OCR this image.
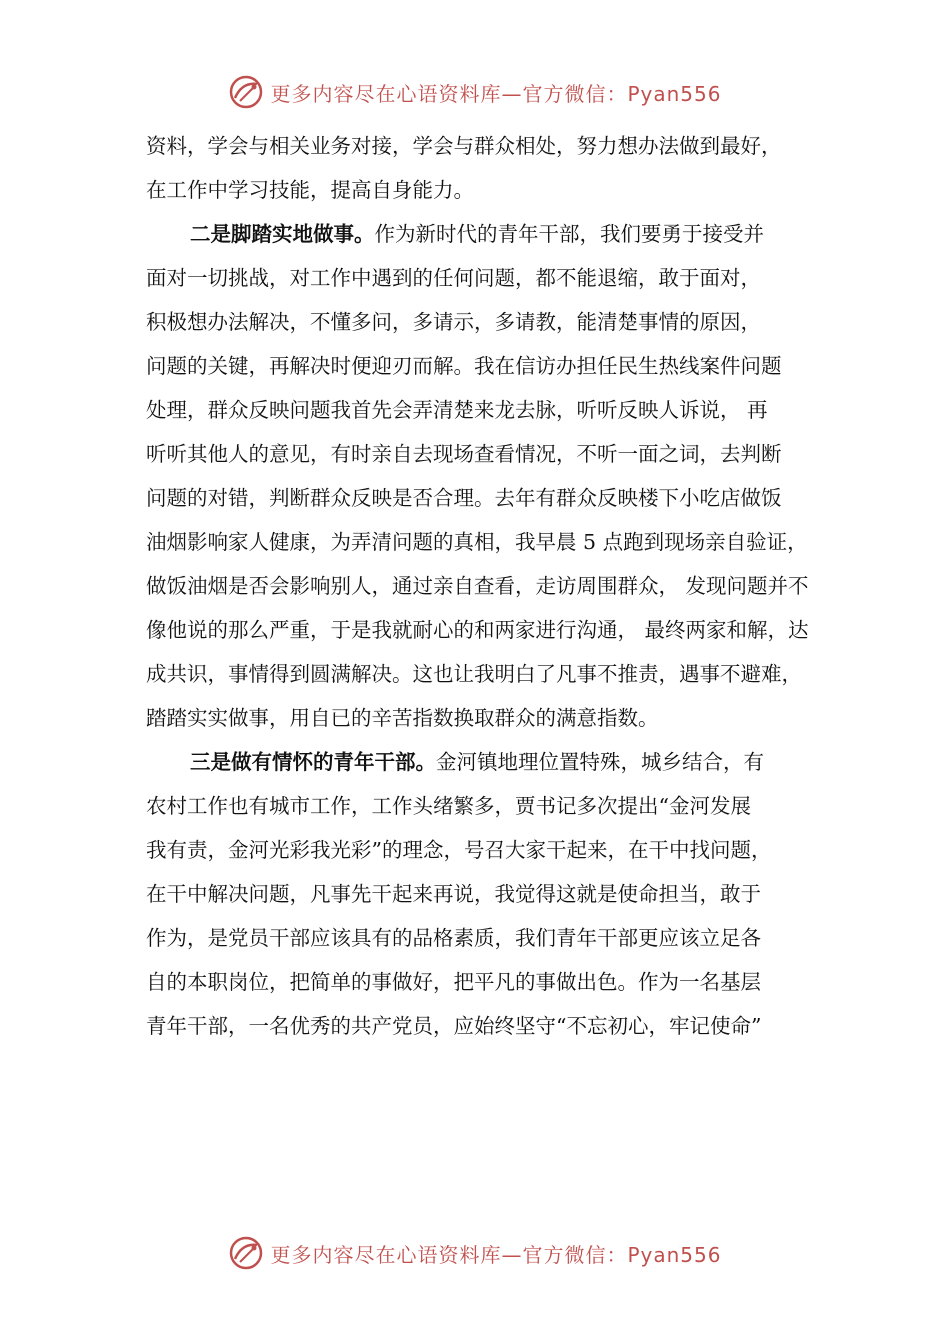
更多内容尽在心语资料库—官方微信：Pyan556
资料，学会与相关业务对接，学会与群众相处，努力想办法做到最好，
在工作中学习技能，提高自身能力。
二是脚踏实地做事。作为新时代的青年干部，我们要勇于接受并
面对一切挑战，对工作中遇到的任何问题，都不能退缩，敢于面对，
积极想办法解决，不懂多问，多请示，多请教，能清楚事情的原因，
问题的关键，再解决时便迎刃而解。我在信访办担任民生热线案件问题
处理，群众反映问题我首先会弄清楚来龙去脉，听听反映人诉说， 再
听听其他人的意见，有时亲自去现场查看情况，不听一面之词，去判断
问题的对错，判断群众反映是否合理。去年有群众反映楼下小吃店做饭
油烟影响家人健康，为弄清问题的真相，我早晨 5 点跑到现场亲自验证，
做饭油烟是否会影响别人，通过亲自查看，走访周围群众， 发现问题并不
像他说的那么严重，于是我就耐心的和两家进行沟通， 最终两家和解，达
成共识，事情得到圆满解决。这也让我明白了凡事不推责，遇事不避难，
踏踏实实做事，用自已的辛苦指数换取群众的满意指数。
三是做有情怀的青年干部。金河镇地理位置特殊，城乡结合，有
农村工作也有城市工作，工作头绪繁多，贾书记多次提出“金河发展
我有责，金河光彩我光彩”的理念，号召大家干起来，在干中找问题，
在干中解决问题，凡事先干起来再说，我觉得这就是使命担当，敢于
作为，是党员干部应该具有的品格素质，我们青年干部更应该立足各
自的本职岗位，把简单的事做好，把平凡的事做出色。作为一名基层
青年干部，一名优秀的共产党员，应始终坚守“不忘初心，牢记使命”
更多内容尽在心语资料库—官方微信：Pyan556
